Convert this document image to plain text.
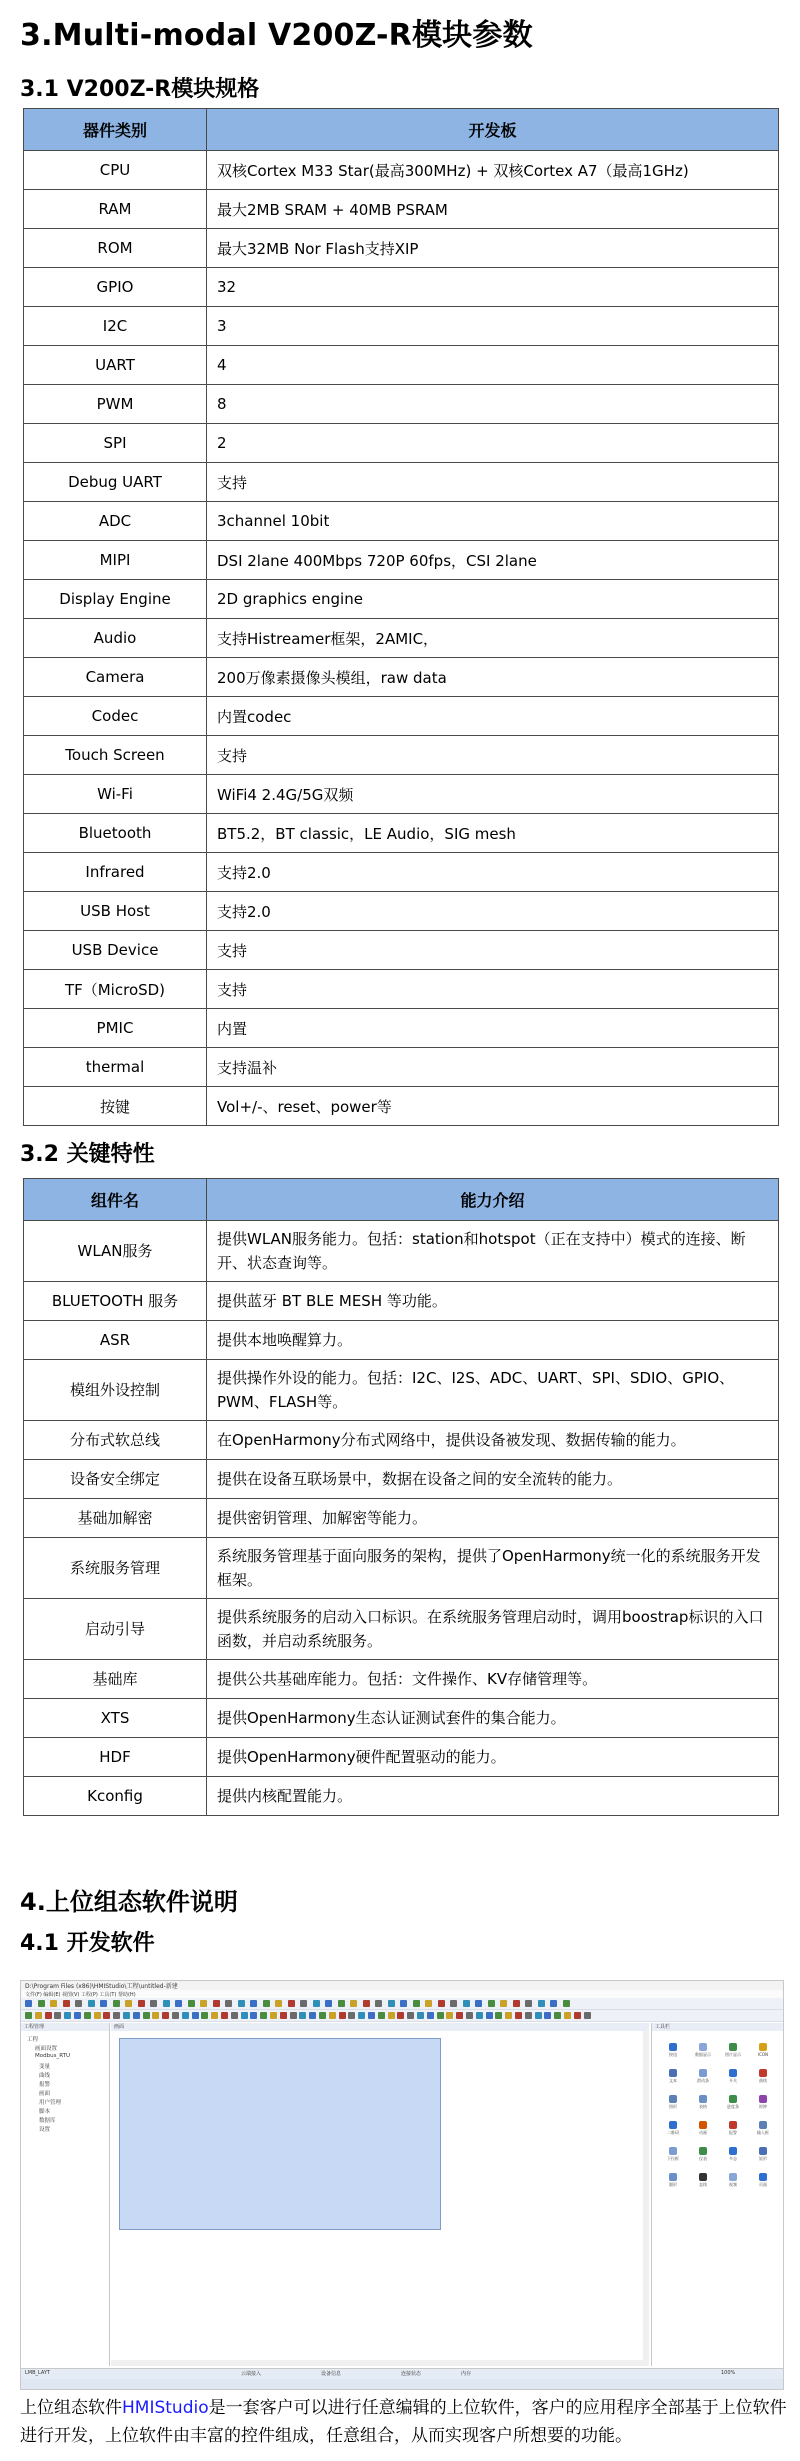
3.Multi-modal V200Z-R模块参数
3.1 V200Z-R模块规格
器件类别	开发板
CPU	双核Cortex M33 Star(最高300MHz) + 双核Cortex A7（最高1GHz)
RAM	最大2MB SRAM + 40MB PSRAM
ROM	最大32MB Nor Flash支持XIP
GPIO	32
I2C	3
UART	4
PWM	8
SPI	2
Debug UART	支持
ADC	3channel 10bit
MIPI	DSI 2lane 400Mbps 720P 60fps，CSI 2lane
Display Engine	2D graphics engine
Audio	支持Histreamer框架，2AMIC，
Camera	200万像素摄像头模组，raw data
Codec	内置codec
Touch Screen	支持
Wi-Fi	WiFi4 2.4G/5G双频
Bluetooth	BT5.2，BT classic，LE Audio，SIG mesh
Infrared	支持2.0
USB Host	支持2.0
USB Device	支持
TF（MicroSD)	支持
PMIC	内置
thermal	支持温补
按键	Vol+/-、reset、power等
3.2 关键特性
组件名	能力介绍
WLAN服务	提供WLAN服务能力。包括：station和hotspot（正在支持中）模式的连接、断开、状态查询等。
BLUETOOTH 服务	提供蓝牙 BT BLE MESH 等功能。
ASR	提供本地唤醒算力。
模组外设控制	提供操作外设的能力。包括：I2C、I2S、ADC、UART、SPI、SDIO、GPIO、PWM、FLASH等。
分布式软总线	在OpenHarmony分布式网络中，提供设备被发现、数据传输的能力。
设备安全绑定	提供在设备互联场景中，数据在设备之间的安全流转的能力。
基础加解密	提供密钥管理、加解密等能力。
系统服务管理	系统服务管理基于面向服务的架构，提供了OpenHarmony统一化的系统服务开发框架。
启动引导	提供系统服务的启动入口标识。在系统服务管理启动时，调用boostrap标识的入口函数，并启动系统服务。
基础库	提供公共基础库能力。包括：文件操作、KV存储管理等。
XTS	提供OpenHarmony生态认证测试套件的集合能力。
HDF	提供OpenHarmony硬件配置驱动的能力。
Kconfig	提供内核配置能力。
4.上位组态软件说明
4.1 开发软件
D:\Program Files (x86)\HMIStudio\工程\untitled-新建
文件(F) 编辑(E) 视图(V) 工程(P) 工具(T) 帮助(H)
工程管理
工程
画面设置
Modbus_RTU
变量
曲线
报警
画面
用户管理
脚本
数据库
设置
画面	工具栏
按钮	数据显示	图片显示	ICON
文本	滑动条	开关	曲线
图形	表格	进度条	时钟
二维码	动画	报警	输入框
下拉框	仪表	多态	矩形
圆形	直线	视频	页面
LMB_LAYT	云端接入	设备信息	连接状态	内存	100%

上位组态软件HMIStudio是一套客户可以进行任意编辑的上位软件，客户的应用程序全部基于上位软件进行开发，上位软件由丰富的控件组成，任意组合，从而实现客户所想要的功能。
